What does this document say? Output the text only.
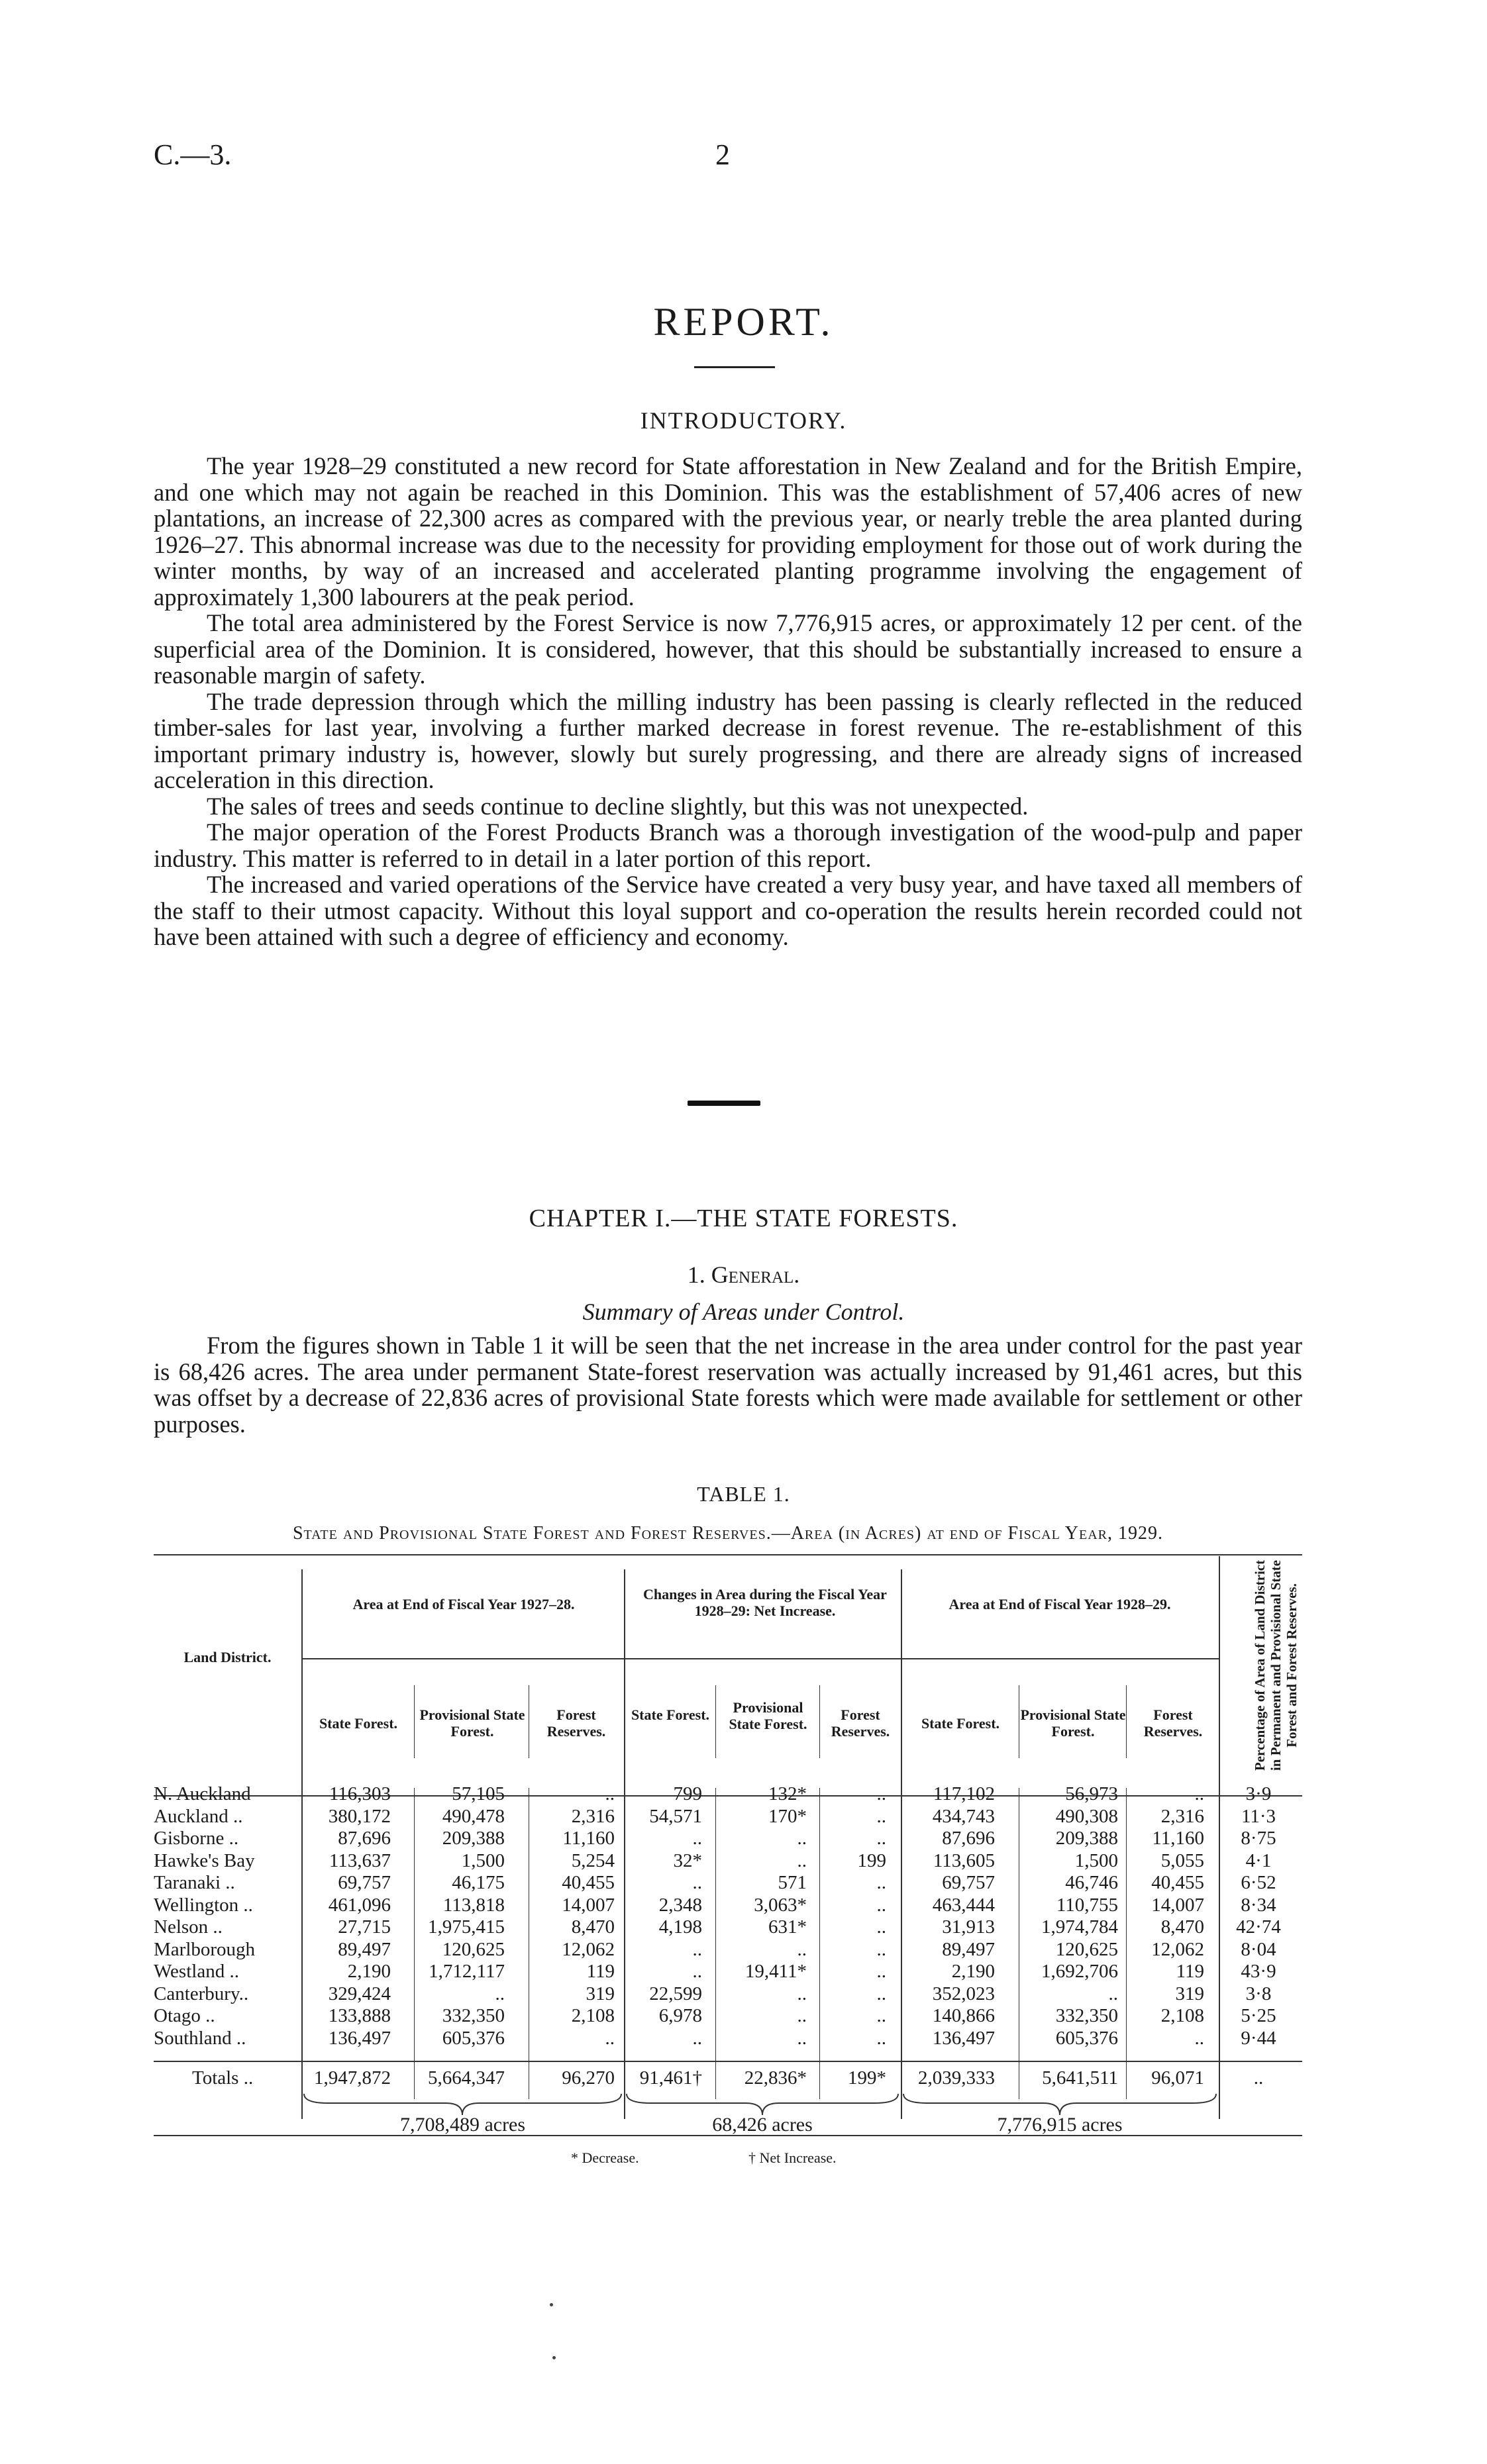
C.—3.	2
REPORT.
INTRODUCTORY.

The year 1928–29 constituted a new record for State afforestation in New Zealand and for the British Empire, and one which may not again be reached in this Dominion. This was the establishment of 57,406 acres of new plantations, an increase of 22,300 acres as compared with the previous year, or nearly treble the area planted during 1926–27. This abnormal increase was due to the necessity for providing employment for those out of work during the winter months, by way of an increased and accelerated planting programme involving the engagement of approximately 1,300 labourers at the peak period.

The total area administered by the Forest Service is now 7,776,915 acres, or approximately 12 per cent. of the superficial area of the Dominion. It is considered, however, that this should be substantially increased to ensure a reasonable margin of safety.

The trade depression through which the milling industry has been passing is clearly reflected in the reduced timber-sales for last year, involving a further marked decrease in forest revenue. The re-establishment of this important primary industry is, however, slowly but surely progressing, and there are already signs of increased acceleration in this direction.

The sales of trees and seeds continue to decline slightly, but this was not unexpected.

The major operation of the Forest Products Branch was a thorough investigation of the wood-pulp and paper industry. This matter is referred to in detail in a later portion of this report.

The increased and varied operations of the Service have created a very busy year, and have taxed all members of the staff to their utmost capacity. Without this loyal support and co-operation the results herein recorded could not have been attained with such a degree of efficiency and economy.

CHAPTER I.—THE STATE FORESTS.
1. General.
Summary of Areas under Control.

From the figures shown in Table 1 it will be seen that the net increase in the area under control for the past year is 68,426 acres. The area under permanent State-forest reservation was actually increased by 91,461 acres, but this was offset by a decrease of 22,836 acres of provisional State forests which were made available for settlement or other purposes.

TABLE 1.
State and Provisional State Forest and Forest Reserves.—Area (in Acres) at end of Fiscal Year, 1929.
Land District.
Area at End of Fiscal Year 1927–28.
Changes in Area during the Fiscal Year 1928–29: Net Increase.	Area at End of Fiscal Year 1928–29.
State Forest.
Provisional State Forest.
Forest Reserves.
State Forest.	Provisional State Forest.
Forest Reserves.	State Forest.
Provisional State Forest.
Forest Reserves.	Percentage of Area of Land District in Permanent and Provisional State Forest and Forest Reserves.
N. Auckland	116,303	57,105	..	799	132*	..	117,102	56,973	..	3·9
Auckland ..	380,172	490,478	2,316	54,571	170*	..	434,743	490,308	2,316	11·3
Gisborne ..	87,696	209,388	11,160	..	..	..	87,696	209,388	11,160	8·75
Hawke's Bay	113,637	1,500	5,254	32*	..	199	113,605	1,500	5,055	4·1
Taranaki ..	69,757	46,175	40,455	..	571	..	69,757	46,746	40,455	6·52
Wellington ..	461,096	113,818	14,007	2,348	3,063*	..	463,444	110,755	14,007	8·34
Nelson ..	27,715	1,975,415	8,470	4,198	631*	..	31,913	1,974,784	8,470	42·74
Marlborough	89,497	120,625	12,062	..	..	..	89,497	120,625	12,062	8·04
Westland ..	2,190	1,712,117	119	..	19,411*	..	2,190	1,692,706	119	43·9
Canterbury..	329,424	..	319	22,599	..	..	352,023	..	319	3·8
Otago ..	133,888	332,350	2,108	6,978	..	..	140,866	332,350	2,108	5·25
Southland ..	136,497	605,376	..	..	..	..	136,497	605,376	..	9·44
Totals ..	1,947,872	5,664,347	96,270	91,461†	22,836*	199*	2,039,333	5,641,511	96,071	..
7,708,489 acres	68,426 acres	7,776,915 acres
* Decrease.	† Net Increase.
